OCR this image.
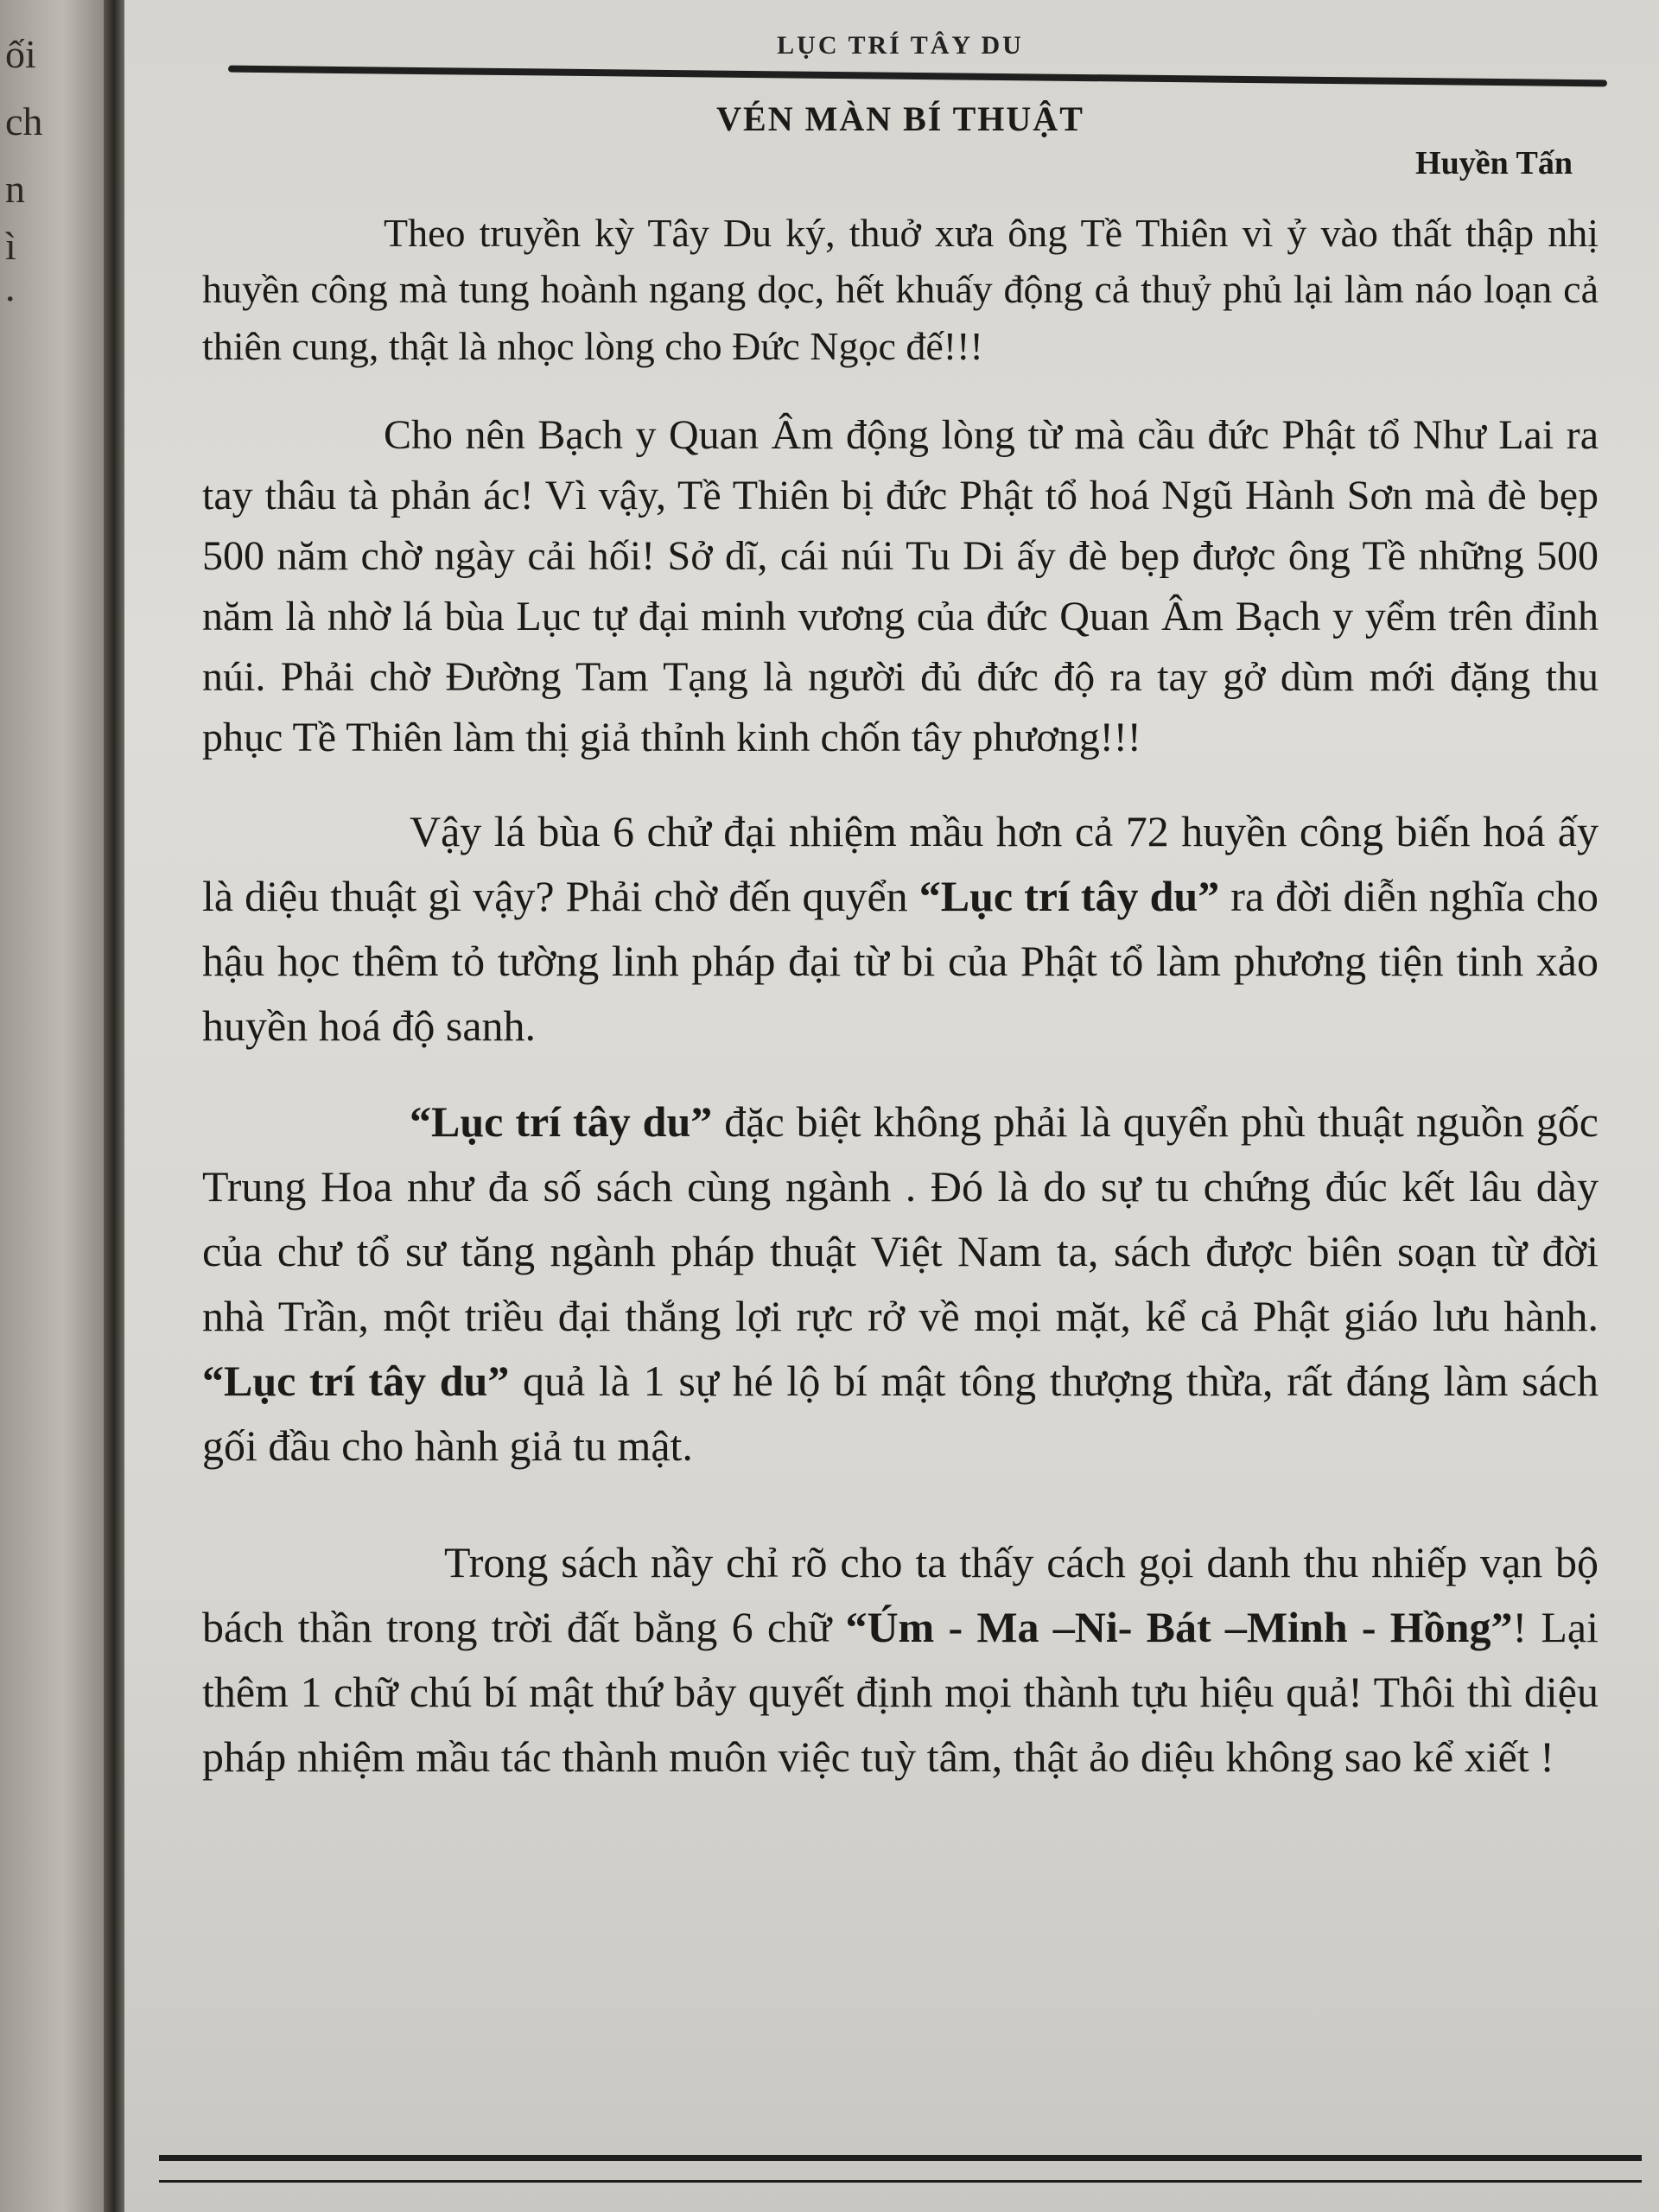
ối
ch
n
ì
.
LỤC TRÍ TÂY DU
VÉN MÀN BÍ THUẬT
Huyền Tấn

Theo truyền kỳ Tây Du ký, thuở xưa ông Tề Thiên vì ỷ vào thất thập nhị huyền công mà tung hoành ngang dọc, hết khuấy động cả thuỷ phủ lại làm náo loạn cả thiên cung, thật là nhọc lòng cho Đức Ngọc đế!!!

Cho nên Bạch y Quan Âm động lòng từ mà cầu đức Phật tổ Như Lai ra tay thâu tà phản ác! Vì vậy, Tề Thiên bị đức Phật tổ hoá Ngũ Hành Sơn mà đè bẹp 500 năm chờ ngày cải hối! Sở dĩ, cái núi Tu Di ấy đè bẹp được ông Tề những 500 năm là nhờ lá bùa Lục tự đại minh vương của đức Quan Âm Bạch y yểm trên đỉnh núi. Phải chờ Đường Tam Tạng là người đủ đức độ ra tay gở dùm mới đặng thu phục Tề Thiên làm thị giả thỉnh kinh chốn tây phương!!!

Vậy lá bùa 6 chử đại nhiệm mầu hơn cả 72 huyền công biến hoá ấy là diệu thuật gì vậy? Phải chờ đến quyển “Lục trí tây du” ra đời diễn nghĩa cho hậu học thêm tỏ tường linh pháp đại từ bi của Phật tổ làm phương tiện tinh xảo huyền hoá độ sanh.

“Lục trí tây du” đặc biệt không phải là quyển phù thuật nguồn gốc Trung Hoa như đa số sách cùng ngành . Đó là do sự tu chứng đúc kết lâu dày của chư tổ sư tăng ngành pháp thuật Việt Nam ta, sách được biên soạn từ đời nhà Trần, một triều đại thắng lợi rực rở về mọi mặt, kể cả Phật giáo lưu hành. “Lục trí tây du” quả là 1 sự hé lộ bí mật tông thượng thừa, rất đáng làm sách gối đầu cho hành giả tu mật.

Trong sách nầy chỉ rõ cho ta thấy cách gọi danh thu nhiếp vạn bộ bách thần trong trời đất bằng 6 chữ “Úm - Ma –Ni- Bát –Minh - Hồng”! Lại thêm 1 chữ chú bí mật thứ bảy quyết định mọi thành tựu hiệu quả! Thôi thì diệu pháp nhiệm mầu tác thành muôn việc tuỳ tâm, thật ảo diệu không sao kể xiết !
